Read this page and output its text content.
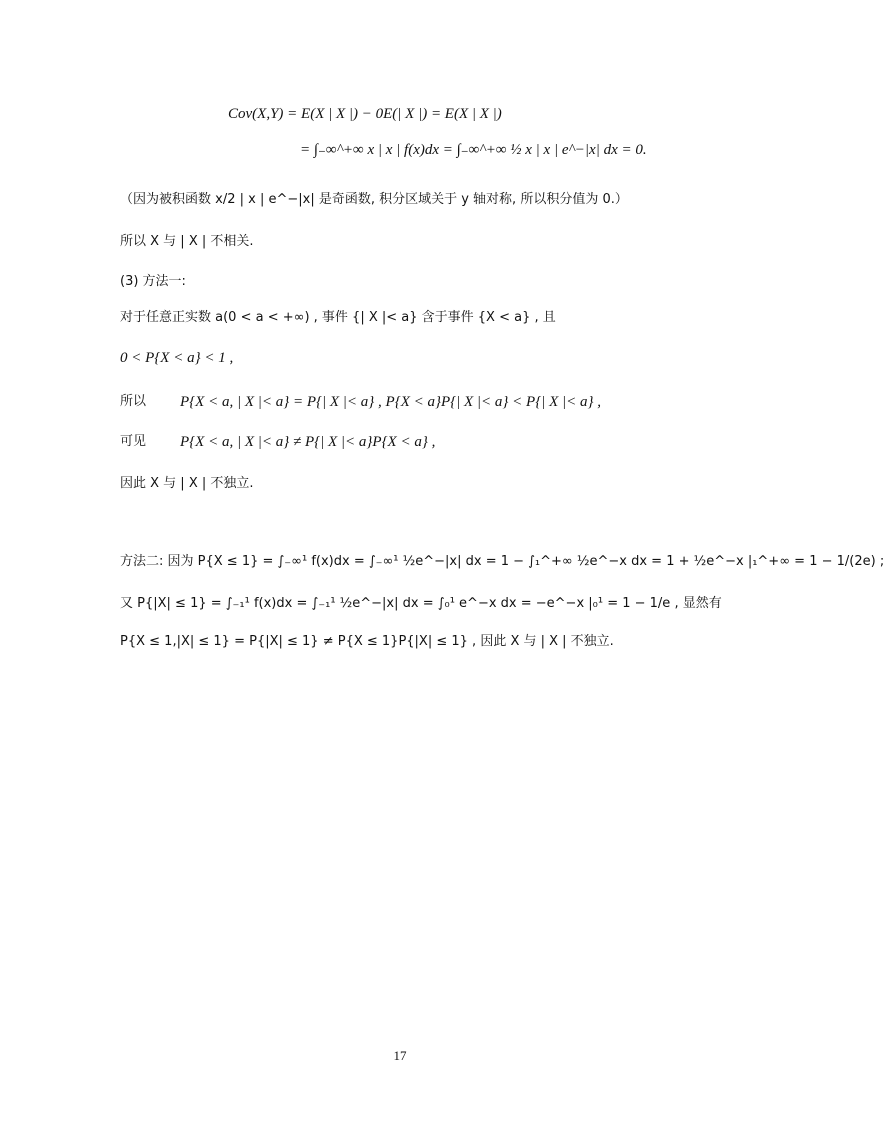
Cov(X,Y) = E(X | X |) − 0E(| X |) = E(X | X |)
= ∫₋∞^+∞ x | x | f(x)dx = ∫₋∞^+∞ ½ x | x | e^−|x| dx = 0.
（因为被积函数 x/2 | x | e^−|x| 是奇函数, 积分区域关于 y 轴对称, 所以积分值为 0.）
所以 X 与 | X | 不相关.
(3) 方法一:
对于任意正实数 a(0 < a < +∞) , 事件 {| X |< a} 含于事件 {X < a} , 且
0 < P{X < a} < 1 ,
所以 P{X < a, | X |< a} = P{| X |< a} , P{X < a}P{| X |< a} < P{| X |< a} ,
可见 P{X < a, | X |< a} ≠ P{| X |< a}P{X < a} ,
因此 X 与 | X | 不独立.
方法二: 因为 P{X ≤ 1} = ∫₋∞¹ f(x)dx = ∫₋∞¹ ½e^−|x| dx = 1 − ∫₁^+∞ ½e^−x dx = 1 + ½e^−x |₁^+∞ = 1 − 1/(2e) ;
又 P{|X| ≤ 1} = ∫₋₁¹ f(x)dx = ∫₋₁¹ ½e^−|x| dx = ∫₀¹ e^−x dx = −e^−x |₀¹ = 1 − 1/e , 显然有
P{X ≤ 1,|X| ≤ 1} = P{|X| ≤ 1} ≠ P{X ≤ 1}P{|X| ≤ 1} , 因此 X 与 | X | 不独立.
17
